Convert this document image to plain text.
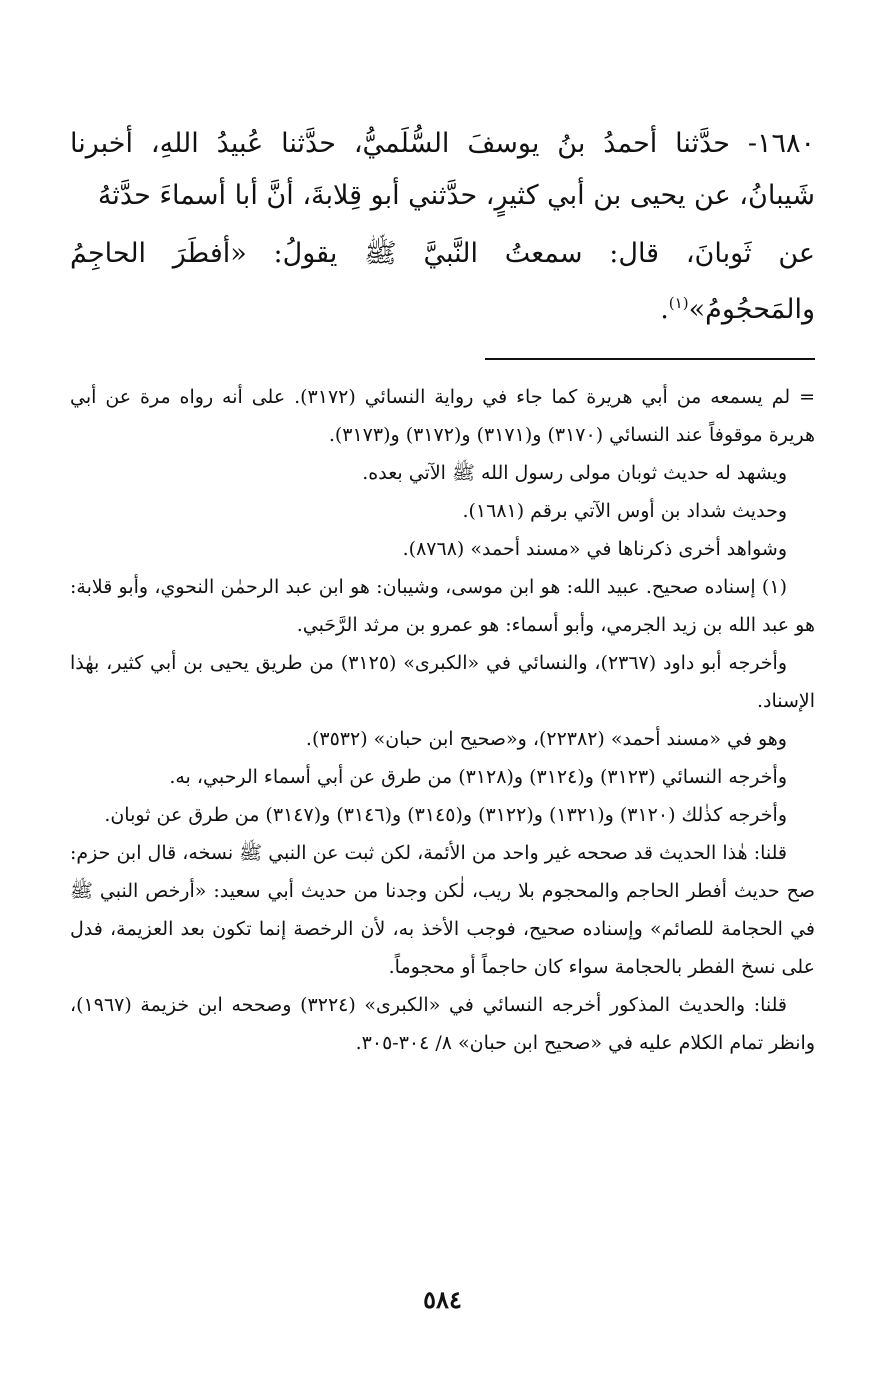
١٦٨٠- حدَّثنا أحمدُ بنُ يوسفَ السُّلَميُّ، حدَّثنا عُبيدُ اللهِ، أخبرنا شَيبانُ، عن يحيى بن أبي كثيرٍ، حدَّثني أبو قِلابةَ، أنَّ أبا أسماءَ حدَّثهُ

عن ثَوبانَ، قال: سمعتُ النَّبيَّ ﷺ يقولُ: «أفطَرَ الحاجِمُ والمَحجُومُ»$^{(١)}$.

= لم يسمعه من أبي هريرة كما جاء في رواية النسائي (٣١٧٢). على أنه رواه مرة عن أبي هريرة موقوفاً عند النسائي (٣١٧٠) و(٣١٧١) و(٣١٧٢) و(٣١٧٣).

ويشهد له حديث ثوبان مولى رسول الله ﷺ الآتي بعده.

وحديث شداد بن أوس الآتي برقم (١٦٨١).

وشواهد أخرى ذكرناها في «مسند أحمد» (٨٧٦٨).

(١) إسناده صحيح. عبيد الله: هو ابن موسى، وشيبان: هو ابن عبد الرحمٰن النحوي، وأبو قلابة: هو عبد الله بن زيد الجرمي، وأبو أسماء: هو عمرو بن مرثد الرَّحَبي.

وأخرجه أبو داود (٢٣٦٧)، والنسائي في «الكبرى» (٣١٢٥) من طريق يحيى بن أبي كثير، بهٰذا الإسناد.

وهو في «مسند أحمد» (٢٢٣٨٢)، و«صحيح ابن حبان» (٣٥٣٢).

وأخرجه النسائي (٣١٢٣) و(٣١٢٤) و(٣١٢٨) من طرق عن أبي أسماء الرحبي، به.

وأخرجه كذٰلك (٣١٢٠) و(١٣٢١) و(٣١٢٢) و(٣١٤٥) و(٣١٤٦) و(٣١٤٧) من طرق عن ثوبان.

قلنا: هٰذا الحديث قد صححه غير واحد من الأئمة، لكن ثبت عن النبي ﷺ نسخه، قال ابن حزم: صح حديث أفطر الحاجم والمحجوم بلا ريب، لٰكن وجدنا من حديث أبي سعيد: «أرخص النبي ﷺ في الحجامة للصائم» وإسناده صحيح، فوجب الأخذ به، لأن الرخصة إنما تكون بعد العزيمة، فدل على نسخ الفطر بالحجامة سواء كان حاجماً أو محجوماً.

قلنا: والحديث المذكور أخرجه النسائي في «الكبرى» (٣٢٢٤) وصححه ابن خزيمة (١٩٦٧)، وانظر تمام الكلام عليه في «صحيح ابن حبان» ٨/ ٣٠٤-٣٠٥.

٥٨٤
